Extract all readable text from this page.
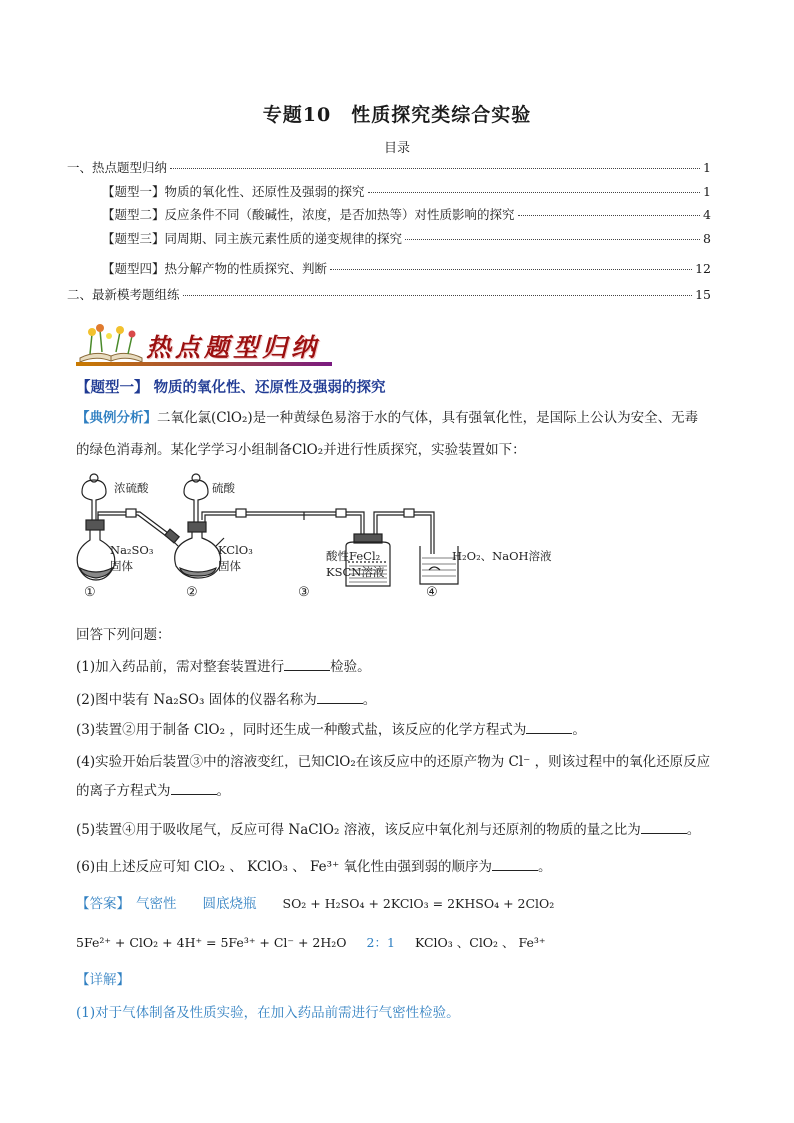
专题10　性质探究类综合实验
目录
一、热点题型归纳	1
【题型一】物质的氧化性、还原性及强弱的探究	1
【题型二】反应条件不同（酸碱性，浓度，是否加热等）对性质影响的探究	4
【题型三】同周期、同主族元素性质的递变规律的探究	8
【题型四】热分解产物的性质探究、判断	12
二、最新模考题组练	15
热点题型归纳
【题型一】 物质的氧化性、还原性及强弱的探究
【典例分析】二氧化氯(ClO₂)是一种黄绿色易溶于水的气体，具有强氧化性，是国际上公认为安全、无毒
的绿色消毒剂。某化学学习小组制备ClO₂并进行性质探究，实验装置如下：
浓硫酸	硫酸
Na₂SO₃
固体
KClO₃
固体
酸性FeCl₂
KSCN溶液
H₂O₂、NaOH溶液
①	②	③	④
回答下列问题：
(1)加入药品前，需对整套装置进行	检验。
(2)图中装有 Na₂SO₃ 固体的仪器名称为	。
(3)装置②用于制备 ClO₂ ，同时还生成一种酸式盐，该反应的化学方程式为	。
(4)实验开始后装置③中的溶液变红，已知ClO₂在该反应中的还原产物为 Cl⁻ ，则该过程中的氧化还原反应
的离子方程式为	。
(5)装置④用于吸收尾气，反应可得 NaClO₂ 溶液，该反应中氧化剂与还原剂的物质的量之比为	。
(6)由上述反应可知 ClO₂ 、 KClO₃ 、 Fe³⁺ 氧化性由强到弱的顺序为	。
【答案】 气密性 圆底烧瓶 SO₂ + H₂SO₄ + 2KClO₃ = 2KHSO₄ + 2ClO₂
5Fe²⁺ + ClO₂ + 4H⁺ = 5Fe³⁺ + Cl⁻ + 2H₂O 2：1 KClO₃ 、ClO₂ 、 Fe³⁺
【详解】
(1)对于气体制备及性质实验，在加入药品前需进行气密性检验。
